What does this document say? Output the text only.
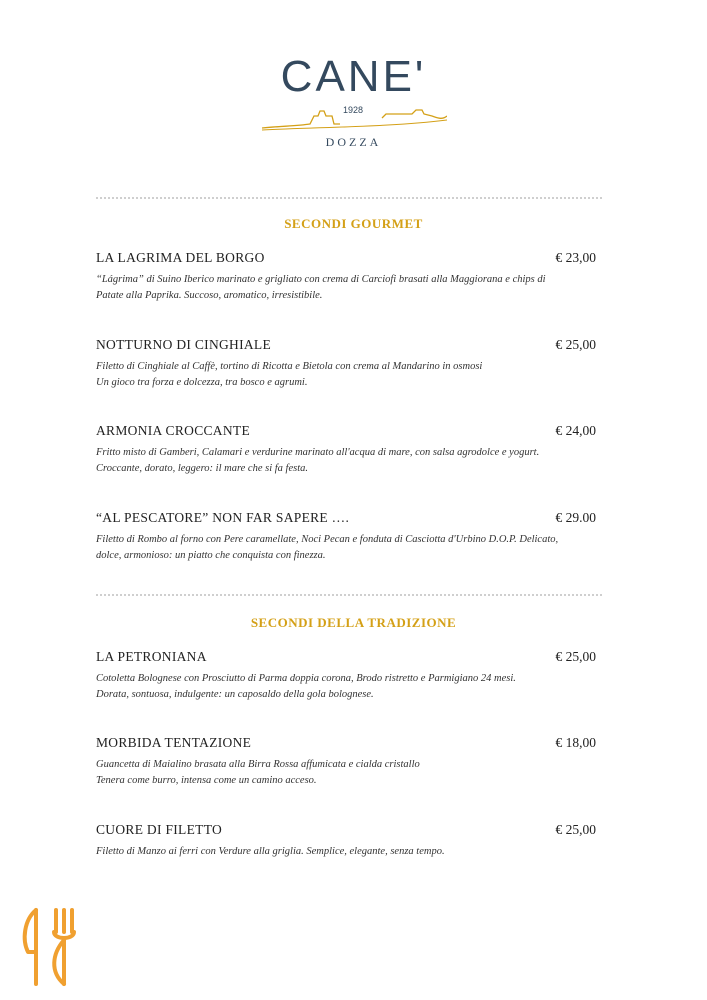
CANE'
1928
DOZZA
SECONDI GOURMET
LA LAGRIMA DEL BORGO	€ 23,00
“Lágrima” di Suino Iberico marinato e grigliato con crema di Carciofi brasati alla Maggiorana e chips di
Patate alla Paprika. Succoso, aromatico, irresistibile.
NOTTURNO DI CINGHIALE	€ 25,00
Filetto di Cinghiale al Caffè, tortino di Ricotta e Bietola con crema al Mandarino in osmosi
Un gioco tra forza e dolcezza, tra bosco e agrumi.
ARMONIA CROCCANTE	€ 24,00
Fritto misto di Gamberi, Calamari e verdurine marinato all'acqua di mare, con salsa agrodolce e yogurt.
Croccante, dorato, leggero: il mare che si fa festa.
“AL PESCATORE” NON FAR SAPERE ….	€ 29.00
Filetto di Rombo al forno con Pere caramellate, Noci Pecan e fonduta di Casciotta d'Urbino D.O.P. Delicato,
dolce, armonioso: un piatto che conquista con finezza.
SECONDI DELLA TRADIZIONE
LA PETRONIANA	€ 25,00
Cotoletta Bolognese con Prosciutto di Parma doppia corona, Brodo ristretto e Parmigiano 24 mesi.
Dorata, sontuosa, indulgente: un caposaldo della gola bolognese.
MORBIDA TENTAZIONE	€ 18,00
Guancetta di Maialino brasata alla Birra Rossa affumicata e cialda cristallo
Tenera come burro, intensa come un camino acceso.
CUORE DI FILETTO	€ 25,00
Filetto di Manzo ai ferri con Verdure alla griglia. Semplice, elegante, senza tempo.
